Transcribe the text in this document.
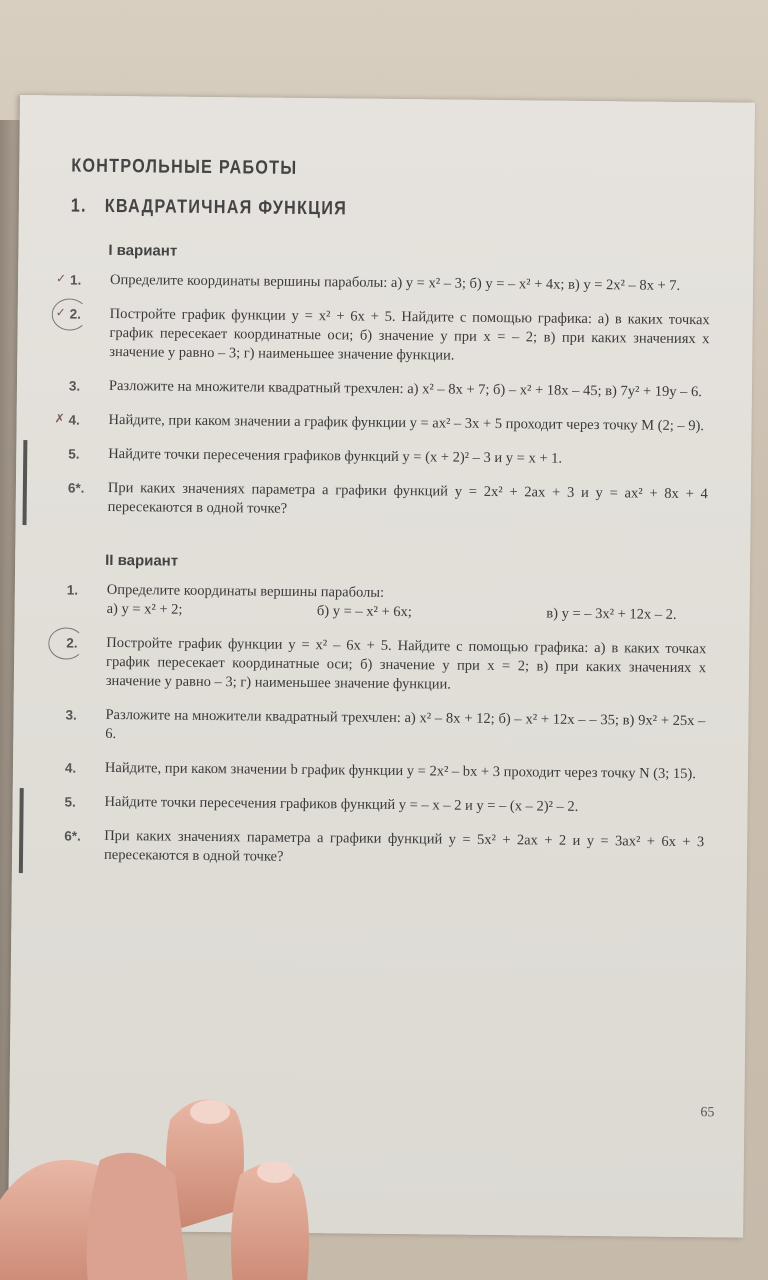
КОНТРОЛЬНЫЕ РАБОТЫ
1. КВАДРАТИЧНАЯ ФУНКЦИЯ
I вариант
✓ 1.	Определите координаты вершины параболы: а) y = x² – 3; б) y = – x² + 4x; в) y = 2x² – 8x + 7.
✓ 2.	Постройте график функции y = x² + 6x + 5. Найдите с помощью графика: а) в каких точках график пересекает координатные оси; б) значение y при x = – 2; в) при каких значениях x значение y равно – 3; г) наименьшее значение функции.
3.	Разложите на множители квадратный трехчлен: а) x² – 8x + 7; б) – x² + 18x – 45; в) 7y² + 19y – 6.
✗ 4.	Найдите, при каком значении a график функции y = ax² – 3x + 5 проходит через точку M (2; – 9).
5.	Найдите точки пересечения графиков функций y = (x + 2)² – 3 и y = x + 1.
6*.	При каких значениях параметра a графики функций y = 2x² + 2ax + 3 и y = ax² + 8x + 4 пересекаются в одной точке?
II вариант
1.	Определите координаты вершины параболы:
а) y = x² + 2;	б) y = – x² + 6x;	в) y = – 3x² + 12x – 2.
2.	Постройте график функции y = x² – 6x + 5. Найдите с помощью графика: а) в каких точках график пересекает координатные оси; б) значение y при x = 2; в) при каких значениях x значение y равно – 3; г) наименьшее значение функции.
3.	Разложите на множители квадратный трехчлен: а) x² – 8x + 12; б) – x² + 12x – – 35; в) 9x² + 25x – 6.
4.	Найдите, при каком значении b график функции y = 2x² – bx + 3 проходит через точку N (3; 15).
5.	Найдите точки пересечения графиков функций y = – x – 2 и y = – (x – 2)² – 2.
6*.	При каких значениях параметра a графики функций y = 5x² + 2ax + 2 и y = 3ax² + 6x + 3 пересекаются в одной точке?
65
